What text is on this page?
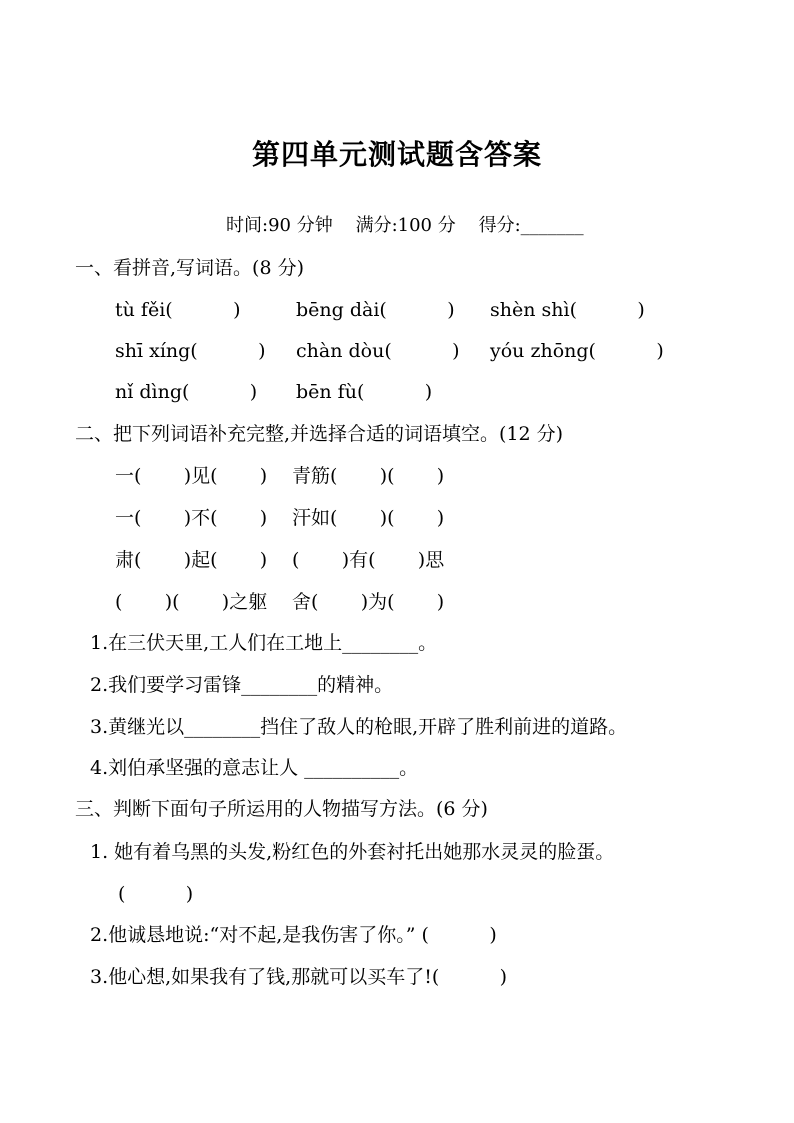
第四单元测试题含答案
时间:90 分钟    满分:100 分    得分:_______
一、看拼音,写词语。(8 分)
tù fěi(          )	bēng dài(          ) shèn shì(          )
shī xíng(          ) chàn dòu(          ) yóu zhōng(          )
nǐ dìng(          ) bēn fù(          )
二、把下列词语补充完整,并选择合适的词语填空。(12 分)
一(       )见(       ) 青筋(       )(       )
一(       )不(       ) 汗如(       )(       )
肃(       )起(       ) (       )有(       )思
(       )(       )之躯 舍(       )为(       )
1.在三伏天里,工人们在工地上________。
2.我们要学习雷锋________的精神。
3.黄继光以________挡住了敌人的枪眼,开辟了胜利前进的道路。
4.刘伯承坚强的意志让人 __________。
三、判断下面句子所运用的人物描写方法。(6 分)
1. 她有着乌黑的头发,粉红色的外套衬托出她那水灵灵的脸蛋。
(          )
2.他诚恳地说:“对不起,是我伤害了你。” (          )
3.他心想,如果我有了钱,那就可以买车了!(          )
